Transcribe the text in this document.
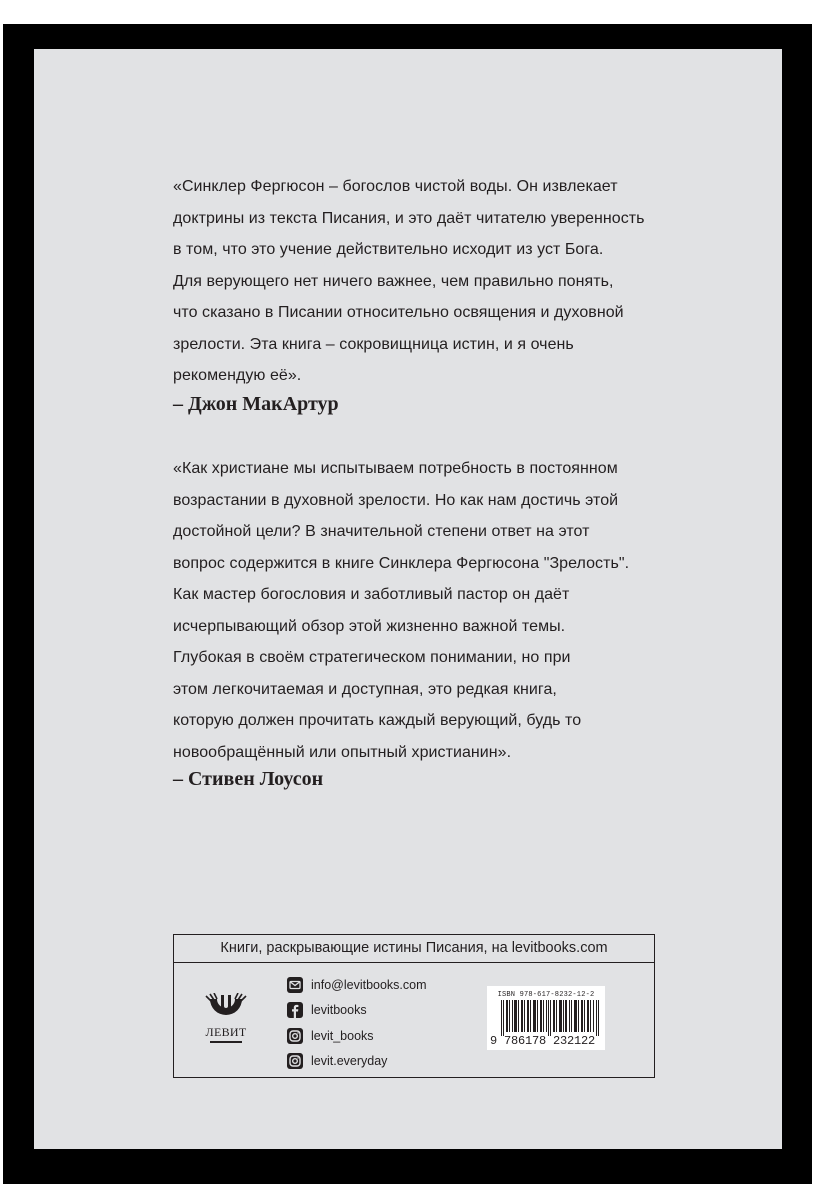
«Синклер Фергюсон – богослов чистой воды. Он извлекает
доктрины из текста Писания, и это даёт читателю уверенность
в том, что это учение действительно исходит из уст Бога.
Для верующего нет ничего важнее, чем правильно понять,
что сказано в Писании относительно освящения и духовной
зрелости. Эта книга – сокровищница истин, и я очень
рекомендую её».
– Джон МакАртур
«Как христиане мы испытываем потребность в постоянном
возрастании в духовной зрелости. Но как нам достичь этой
достойной цели? В значительной степени ответ на этот
вопрос содержится в книге Синклера Фергюсона "Зрелость".
Как мастер богословия и заботливый пастор он даёт
исчерпывающий обзор этой жизненно важной темы.
Глубокая в своём стратегическом понимании, но при
этом легкочитаемая и доступная, это редкая книга,
которую должен прочитать каждый верующий, будь то
новообращённый или опытный христианин».
– Стивен Лоусон
Книги, раскрывающие истины Писания, на levitbooks.com
ЛЕВИТ
info@levitbooks.com
levitbooks
levit_books
levit.everyday
ISBN 978-617-8232-12-2
9 786178 232122
